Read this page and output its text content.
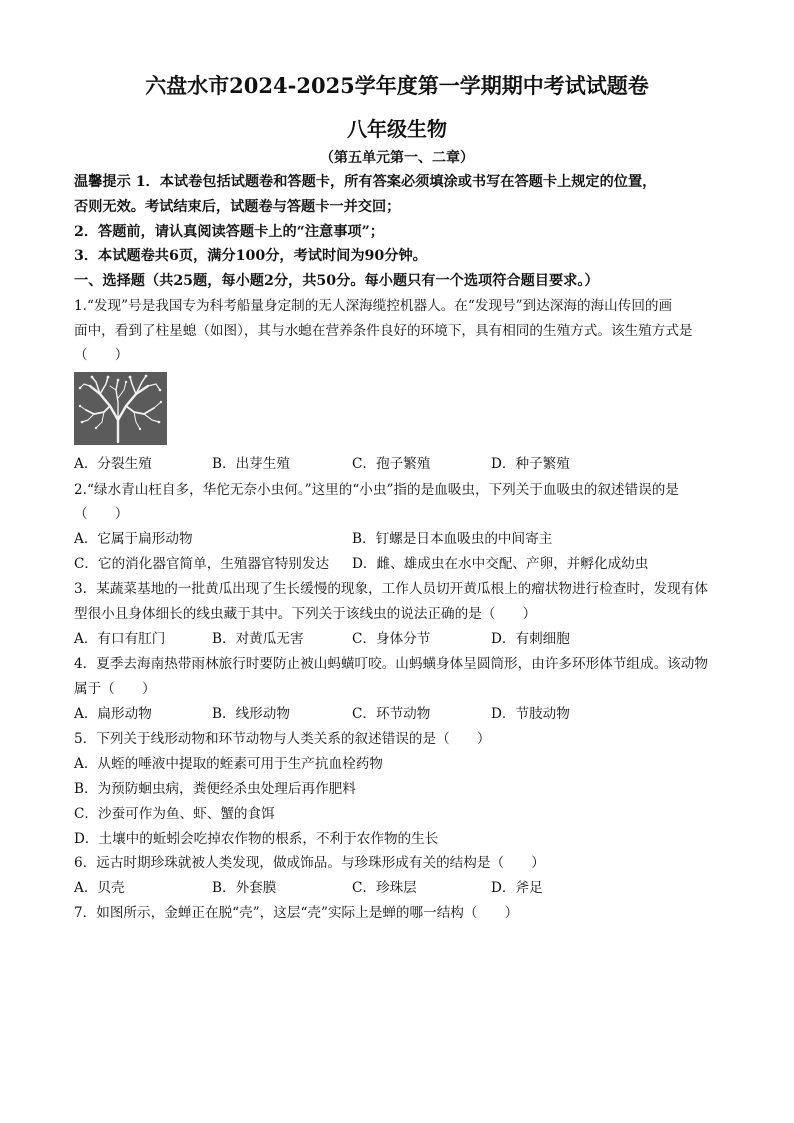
六盘水市2024-2025学年度第一学期期中考试试题卷
八年级生物
（第五单元第一、二章）
温馨提示 1．本试卷包括试题卷和答题卡，所有答案必须填涂或书写在答题卡上规定的位置，
否则无效。考试结束后，试题卷与答题卡一并交回；
2．答题前，请认真阅读答题卡上的“注意事项”；
3．本试题卷共6页，满分100分，考试时间为90分钟。
一、选择题（共25题，每小题2分，共50分。每小题只有一个选项符合题目要求。）
1.“发现”号是我国专为科考船量身定制的无人深海缆控机器人。在“发现号”到达深海的海山传回的画
面中，看到了柱星螅（如图），其与水螅在营养条件良好的环境下，具有相同的生殖方式。该生殖方式是
（　　）
A．分裂生殖	B．出芽生殖	C．孢子繁殖	D．种子繁殖
2.“绿水青山枉自多，华佗无奈小虫何。”这里的“小虫”指的是血吸虫，下列关于血吸虫的叙述错误的是
（　　）
A．它属于扁形动物	B．钉螺是日本血吸虫的中间寄主
C．它的消化器官简单，生殖器官特别发达 D．雌、雄成虫在水中交配、产卵，并孵化成幼虫
3．某蔬菜基地的一批黄瓜出现了生长缓慢的现象，工作人员切开黄瓜根上的瘤状物进行检查时，发现有体
型很小且身体细长的线虫藏于其中。下列关于该线虫的说法正确的是（　　）
A．有口有肛门	B．对黄瓜无害	C．身体分节	D．有刺细胞
4．夏季去海南热带雨林旅行时要防止被山蚂蟥叮咬。山蚂蟥身体呈圆筒形，由许多环形体节组成。该动物
属于（　　）
A．扁形动物	B．线形动物	C．环节动物	D．节肢动物
5．下列关于线形动物和环节动物与人类关系的叙述错误的是（　　）
A．从蛭的唾液中提取的蛭素可用于生产抗血栓药物
B．为预防蛔虫病，粪便经杀虫处理后再作肥料
C．沙蚕可作为鱼、虾、蟹的食饵
D．土壤中的蚯蚓会吃掉农作物的根系，不利于农作物的生长
6．远古时期珍珠就被人类发现，做成饰品。与珍珠形成有关的结构是（　　）
A．贝壳	B．外套膜	C．珍珠层	D．斧足
7．如图所示，金蝉正在脱“壳”，这层“壳”实际上是蝉的哪一结构（　　）
